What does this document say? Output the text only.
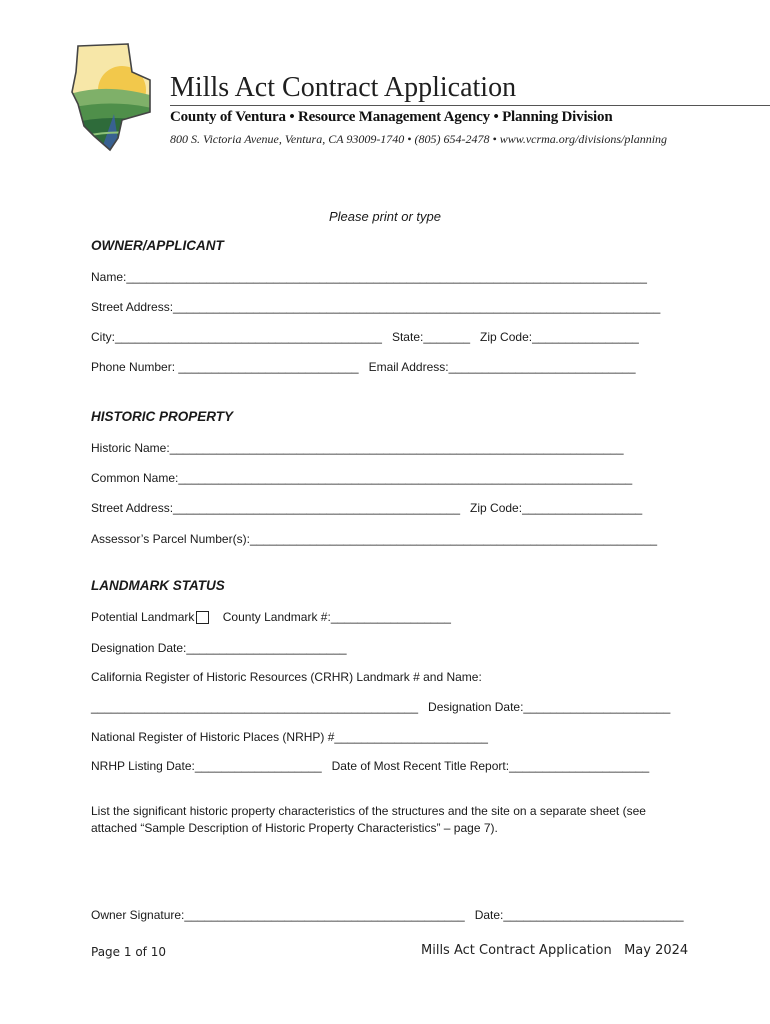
Mills Act Contract Application
County of Ventura • Resource Management Agency • Planning Division
800 S. Victoria Avenue, Ventura, CA 93009-1740 • (805) 654-2478 • www.vcrma.org/divisions/planning
Please print or type
OWNER/APPLICANT
Name:______________________________________________________________________________
Street Address:_________________________________________________________________________
City:________________________________________   State:_______   Zip Code:________________
Phone Number: ___________________________   Email Address:____________________________
HISTORIC PROPERTY
Historic Name:____________________________________________________________________
Common Name:____________________________________________________________________
Street Address:___________________________________________   Zip Code:__________________
Assessor’s Parcel Number(s):_____________________________________________________________
LANDMARK STATUS
Potential Landmark County Landmark #:__________________
Designation Date:________________________
California Register of Historic Resources (CRHR) Landmark # and Name:
_________________________________________________   Designation Date:______________________
National Register of Historic Places (NRHP) #_______________________
NRHP Listing Date:___________________   Date of Most Recent Title Report:_____________________
List the significant historic property characteristics of the structures and the site on a separate sheet (see attached “Sample Description of Historic Property Characteristics” – page 7).
Owner Signature:__________________________________________   Date:___________________________
Page 1 of 10	Mills Act Contract Application   May 2024
